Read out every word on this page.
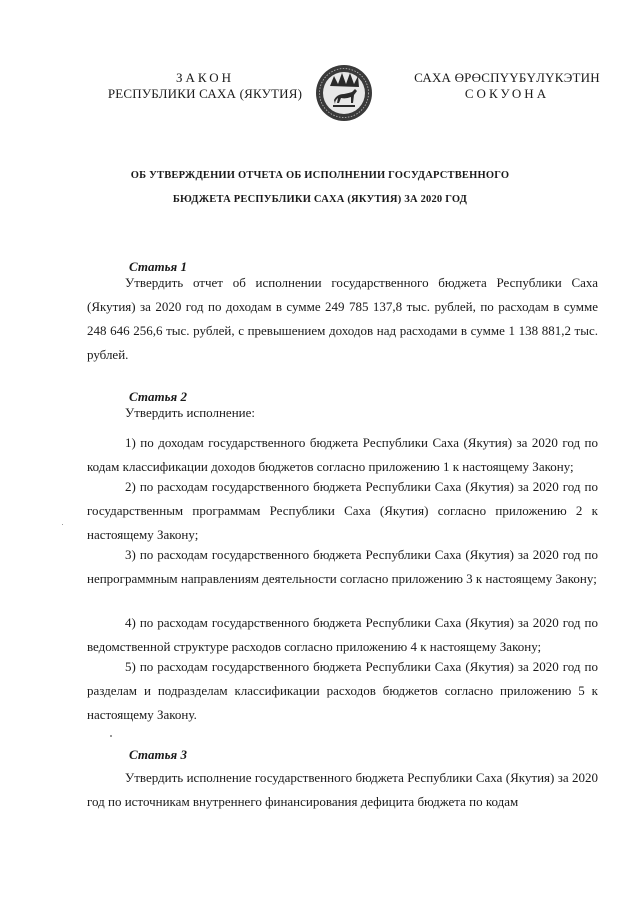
ЗАКОН
РЕСПУБЛИКИ САХА (ЯКУТИЯ)
САХА ӨРӨСПҮҮБҮЛҮКЭТИН
СОКУОНА
ОБ УТВЕРЖДЕНИИ ОТЧЕТА ОБ ИСПОЛНЕНИИ ГОСУДАРСТВЕННОГО
БЮДЖЕТА РЕСПУБЛИКИ САХА (ЯКУТИЯ) ЗА 2020 ГОД
Статья 1

Утвердить отчет об исполнении государственного бюджета Республики Саха (Якутия) за 2020 год по доходам в сумме 249 785 137,8 тыс. рублей, по расходам в сумме 248 646 256,6 тыс. рублей, с превышением доходов над расходами в сумме 1 138 881,2 тыс. рублей.

Статья 2

Утвердить исполнение:

1) по доходам государственного бюджета Республики Саха (Якутия) за 2020 год по кодам классификации доходов бюджетов согласно приложению 1 к настоящему Закону;

2) по расходам государственного бюджета Республики Саха (Якутия) за 2020 год по государственным программам Республики Саха (Якутия) согласно приложению 2 к настоящему Закону;

3) по расходам государственного бюджета Республики Саха (Якутия) за 2020 год по непрограммным направлениям деятельности согласно приложению 3 к настоящему Закону;

4) по расходам государственного бюджета Республики Саха (Якутия) за 2020 год по ведомственной структуре расходов согласно приложению 4 к настоящему Закону;

5) по расходам государственного бюджета Республики Саха (Якутия) за 2020 год по разделам и подразделам классификации расходов бюджетов согласно приложению 5 к настоящему Закону.

Статья 3

Утвердить исполнение государственного бюджета Республики Саха (Якутия) за 2020 год по источникам внутреннего финансирования дефицита бюджета по кодам
